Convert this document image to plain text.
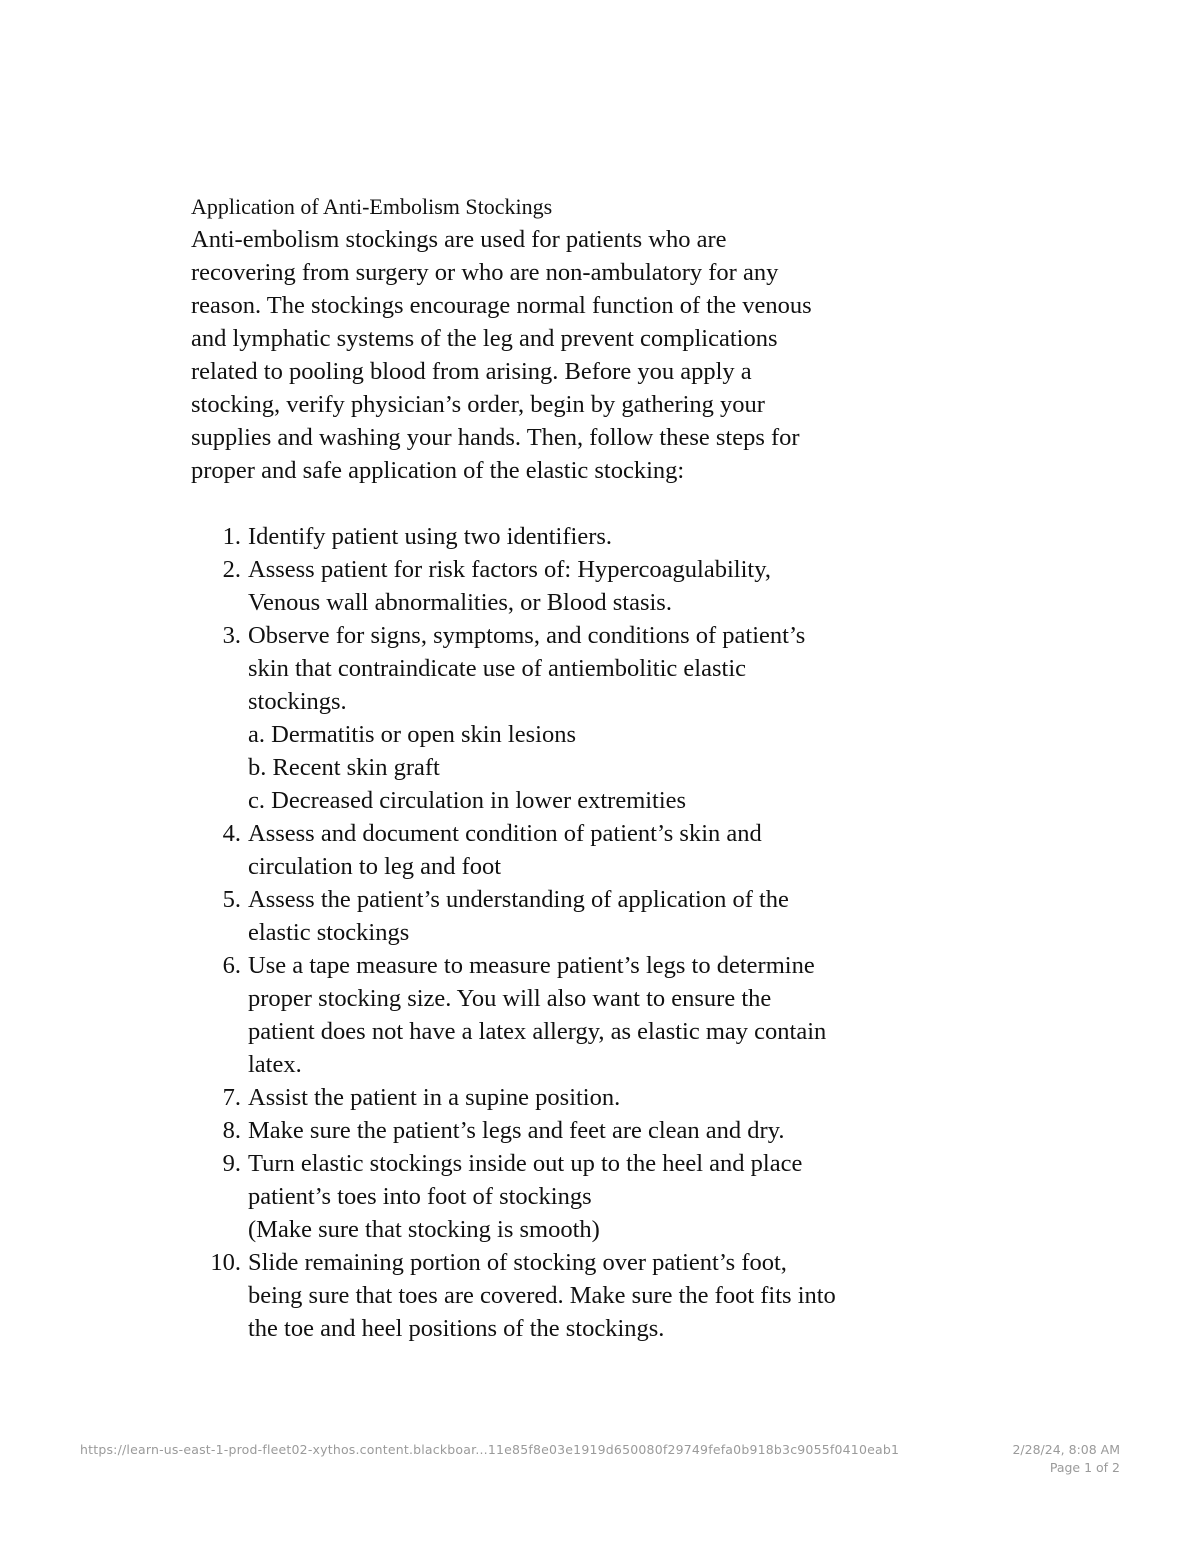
Application of Anti-Embolism Stockings

Anti-embolism stockings are used for patients who are
recovering from surgery or who are non-ambulatory for any
reason. The stockings encourage normal function of the venous
and lymphatic systems of the leg and prevent complications
related to pooling blood from arising. Before you apply a
stocking, verify physician’s order, begin by gathering your
supplies and washing your hands. Then, follow these steps for
proper and safe application of the elastic stocking:

1. Identify patient using two identifiers.
2. Assess patient for risk factors of: Hypercoagulability,
Venous wall abnormalities, or Blood stasis.
3. Observe for signs, symptoms, and conditions of patient’s
skin that contraindicate use of antiembolitic elastic
stockings.
a. Dermatitis or open skin lesions
b. Recent skin graft
c. Decreased circulation in lower extremities
4. Assess and document condition of patient’s skin and
circulation to leg and foot
5. Assess the patient’s understanding of application of the
elastic stockings
6. Use a tape measure to measure patient’s legs to determine
proper stocking size. You will also want to ensure the
patient does not have a latex allergy, as elastic may contain
latex.
7. Assist the patient in a supine position.
8. Make sure the patient’s legs and feet are clean and dry.
9. Turn elastic stockings inside out up to the heel and place
patient’s toes into foot of stockings
(Make sure that stocking is smooth)
10. Slide remaining portion of stocking over patient’s foot,
being sure that toes are covered. Make sure the foot fits into
the toe and heel positions of the stockings.
https://learn-us-east-1-prod-fleet02-xythos.content.blackboar...11e85f8e03e1919d650080f29749fefa0b918b3c9055f0410eab1	2/28/24, 8:08 AM
Page 1 of 2
